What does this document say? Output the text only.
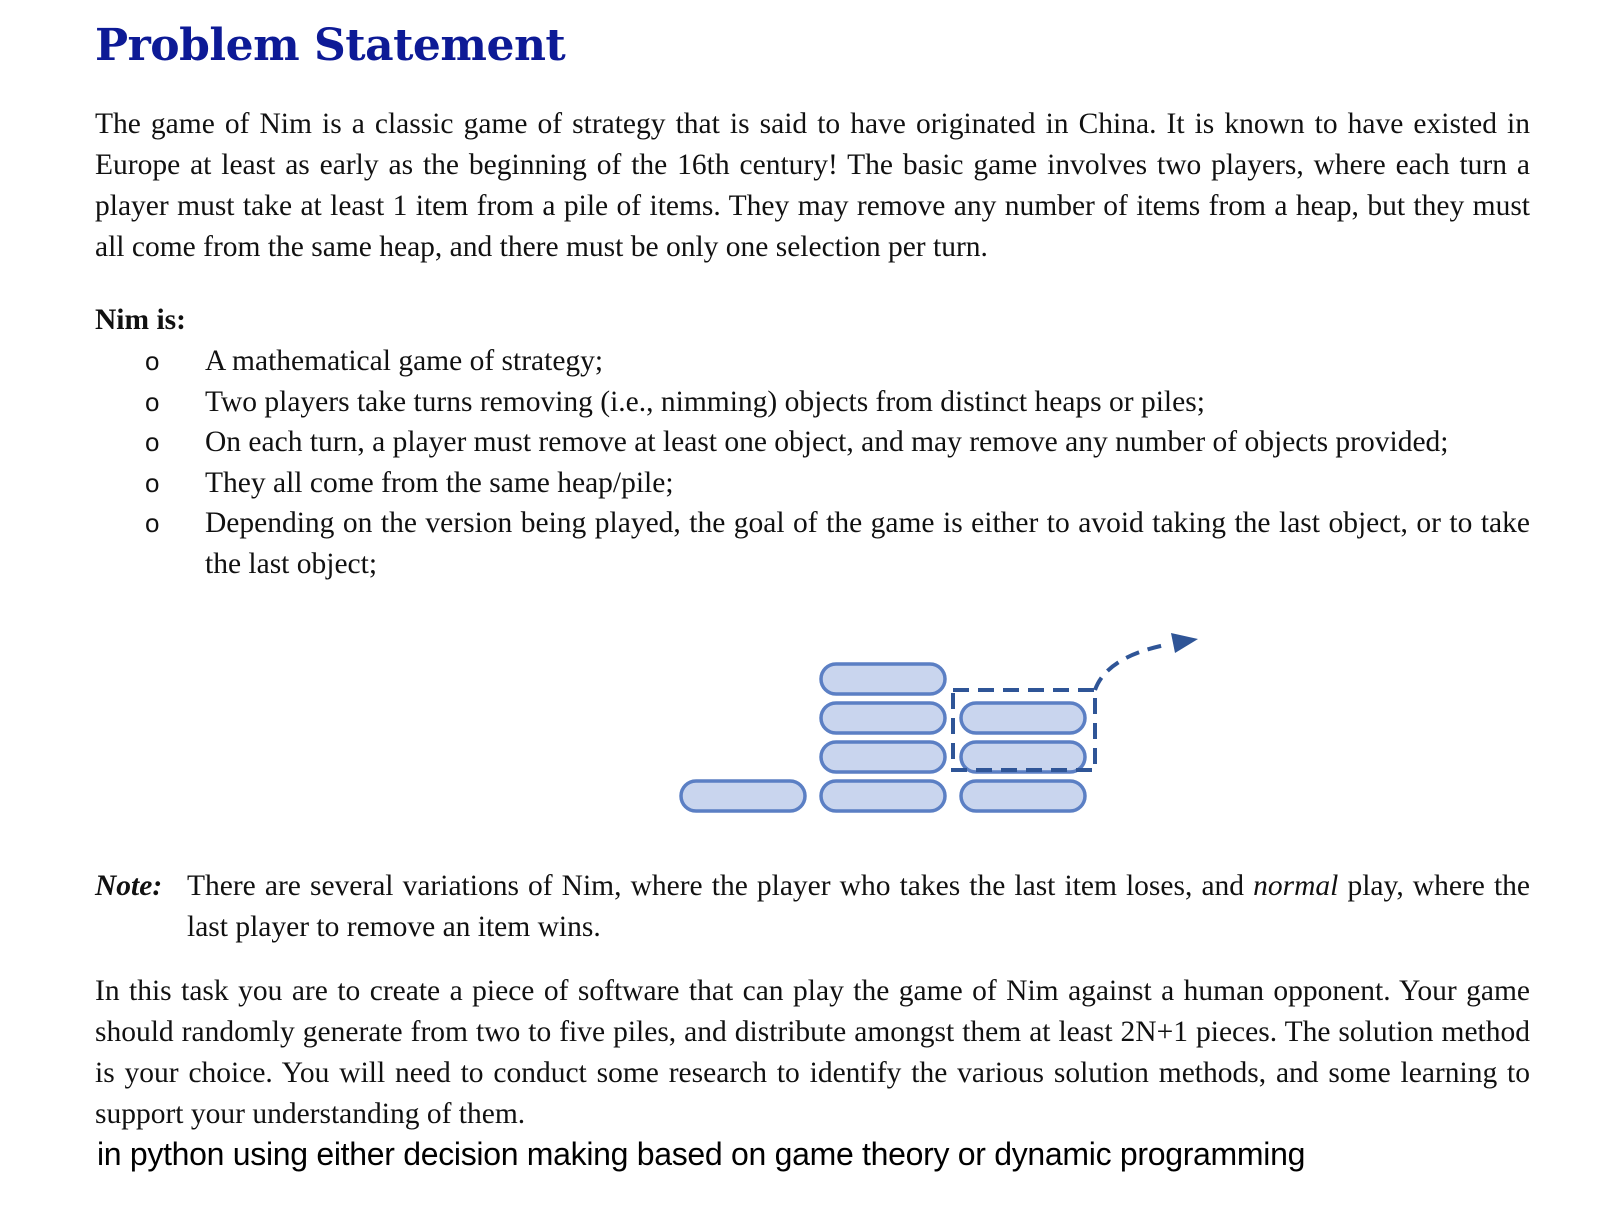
Problem Statement

The game of Nim is a classic game of strategy that is said to have originated in China. It is known to have existed in Europe at least as early as the beginning of the 16th century! The basic game involves two players, where each turn a player must take at least 1 item from a pile of items. They may remove any number of items from a heap, but they must all come from the same heap, and there must be only one selection per turn.

Nim is:

o A mathematical game of strategy;
o Two players take turns removing (i.e., nimming) objects from distinct heaps or piles;
o On each turn, a player must remove at least one object, and may remove any number of objects provided;
o They all come from the same heap/pile;
o Depending on the version being played, the goal of the game is either to avoid taking the last object, or to take the last object;
Note: There are several variations of Nim, where the player who takes the last item loses, and normal play, where the last player to remove an item wins.

In this task you are to create a piece of software that can play the game of Nim against a human opponent. Your game should randomly generate from two to five piles, and distribute amongst them at least 2N+1 pieces. The solution method is your choice. You will need to conduct some research to identify the various solution methods, and some learning to support your understanding of them.

in python using either decision making based on game theory or dynamic programming
